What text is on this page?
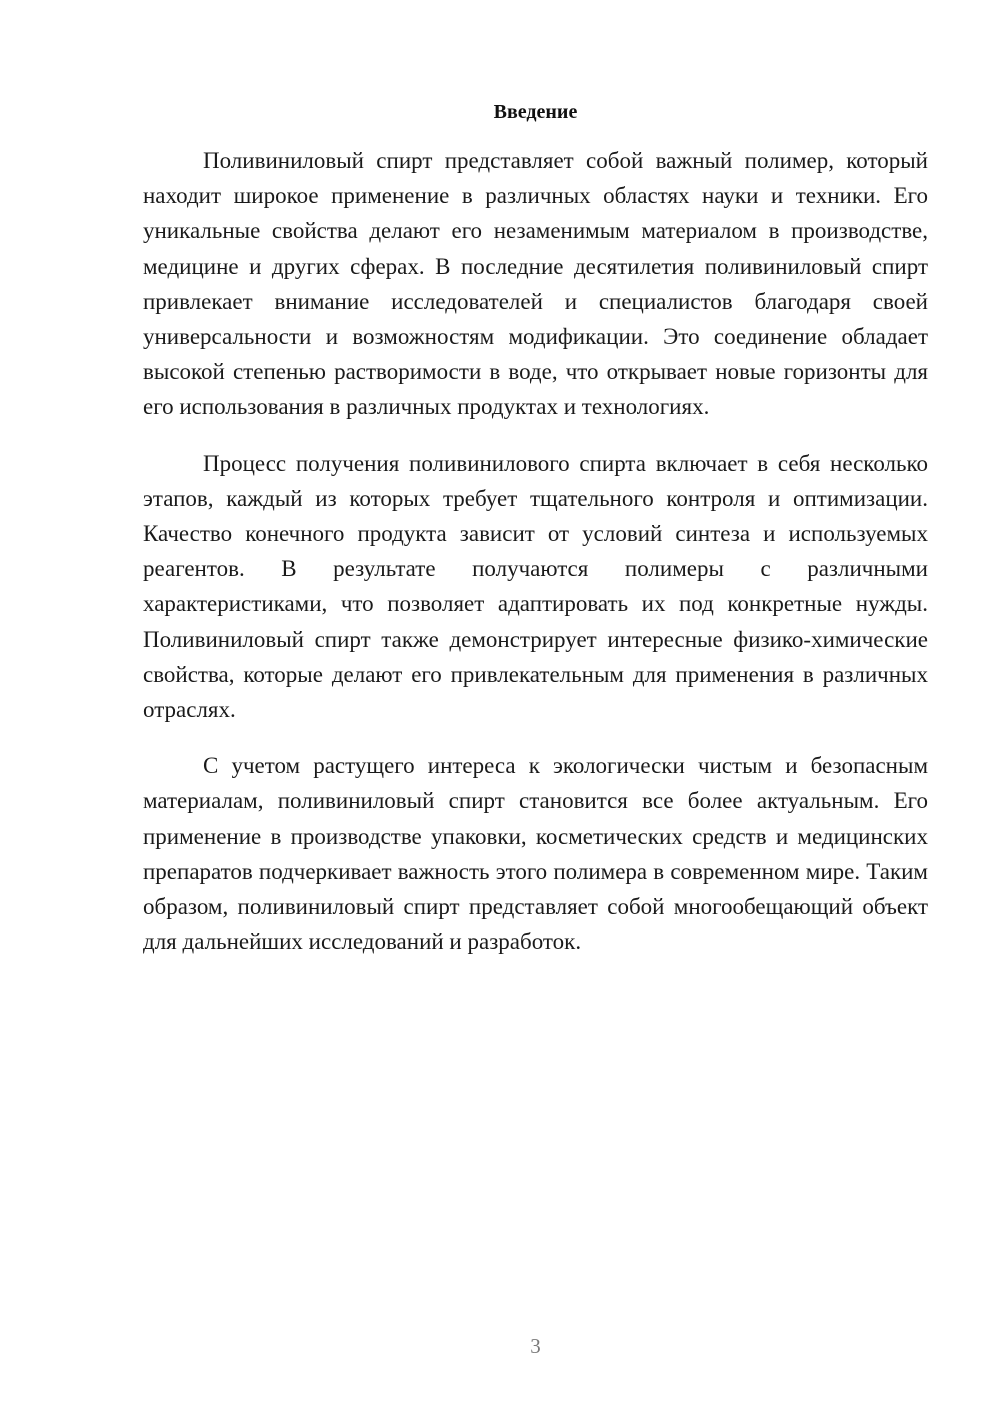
Введение

Поливиниловый спирт представляет собой важный полимер, который находит широкое применение в различных областях науки и техники. Его уникальные свойства делают его незаменимым материалом в производстве, медицине и других сферах. В последние десятилетия поливиниловый спирт привлекает внимание исследователей и специалистов благодаря своей универсальности и возможностям модификации. Это соединение обладает высокой степенью растворимости в воде, что открывает новые горизонты для его использования в различных продуктах и технологиях.

Процесс получения поливинилового спирта включает в себя несколько этапов, каждый из которых требует тщательного контроля и оптимизации. Качество конечного продукта зависит от условий синтеза и используемых реагентов. В результате получаются полимеры с различными характеристиками, что позволяет адаптировать их под конкретные нужды. Поливиниловый спирт также демонстрирует интересные физико-химические свойства, которые делают его привлекательным для применения в различных отраслях.

С учетом растущего интереса к экологически чистым и безопасным материалам, поливиниловый спирт становится все более актуальным. Его применение в производстве упаковки, косметических средств и медицинских препаратов подчеркивает важность этого полимера в современном мире. Таким образом, поливиниловый спирт представляет собой многообещающий объект для дальнейших исследований и разработок.

3
